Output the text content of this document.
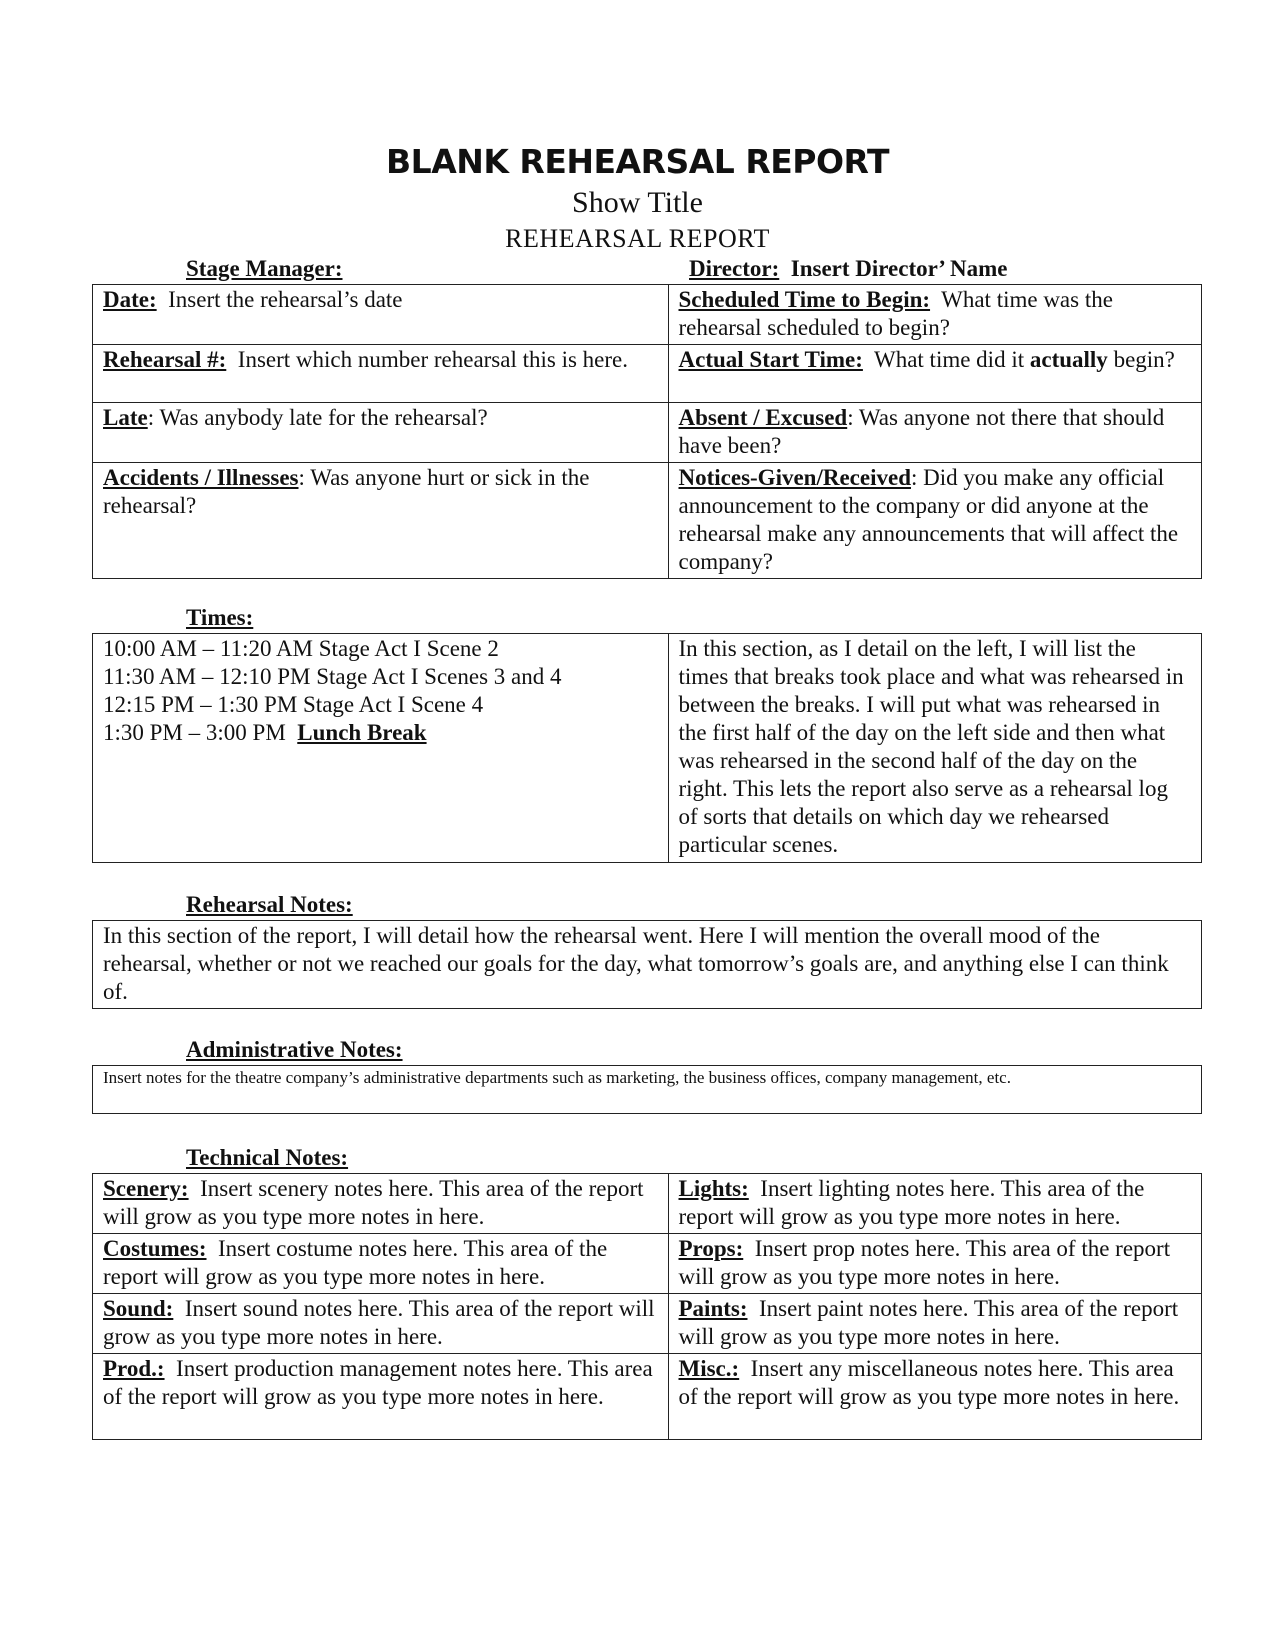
BLANK REHEARSAL REPORT
Show Title
REHEARSAL REPORT
Stage Manager:	Director: Insert Director’ Name
Date: Insert the rehearsal’s date	Scheduled Time to Begin: What time was the rehearsal scheduled to begin?
Rehearsal #: Insert which number rehearsal this is here.	Actual Start Time: What time did it actually begin?
Late: Was anybody late for the rehearsal?	Absent / Excused: Was anyone not there that should have been?
Accidents / Illnesses: Was anyone hurt or sick in the rehearsal?	Notices-Given/Received: Did you make any official announcement to the company or did anyone at the rehearsal make any announcements that will affect the company?
Times:
10:00 AM – 11:20 AM Stage Act I Scene 2
11:30 AM – 12:10 PM Stage Act I Scenes 3 and 4
12:15 PM – 1:30 PM Stage Act I Scene 4
1:30 PM – 3:00 PM Lunch Break
	In this section, as I detail on the left, I will list the times that breaks took place and what was rehearsed in between the breaks. I will put what was rehearsed in the first half of the day on the left side and then what was rehearsed in the second half of the day on the right. This lets the report also serve as a rehearsal log of sorts that details on which day we rehearsed particular scenes.
Rehearsal Notes:
In this section of the report, I will detail how the rehearsal went. Here I will mention the overall mood of the rehearsal, whether or not we reached our goals for the day, what tomorrow’s goals are, and anything else I can think of.
Administrative Notes:
Insert notes for the theatre company’s administrative departments such as marketing, the business offices, company management, etc.
Technical Notes:
Scenery: Insert scenery notes here. This area of the report will grow as you type more notes in here.	Lights: Insert lighting notes here. This area of the report will grow as you type more notes in here.
Costumes: Insert costume notes here. This area of the report will grow as you type more notes in here.	Props: Insert prop notes here. This area of the report will grow as you type more notes in here.
Sound: Insert sound notes here. This area of the report will grow as you type more notes in here.	Paints: Insert paint notes here. This area of the report will grow as you type more notes in here.
Prod.: Insert production management notes here. This area of the report will grow as you type more notes in here.	Misc.: Insert any miscellaneous notes here. This area of the report will grow as you type more notes in here.
